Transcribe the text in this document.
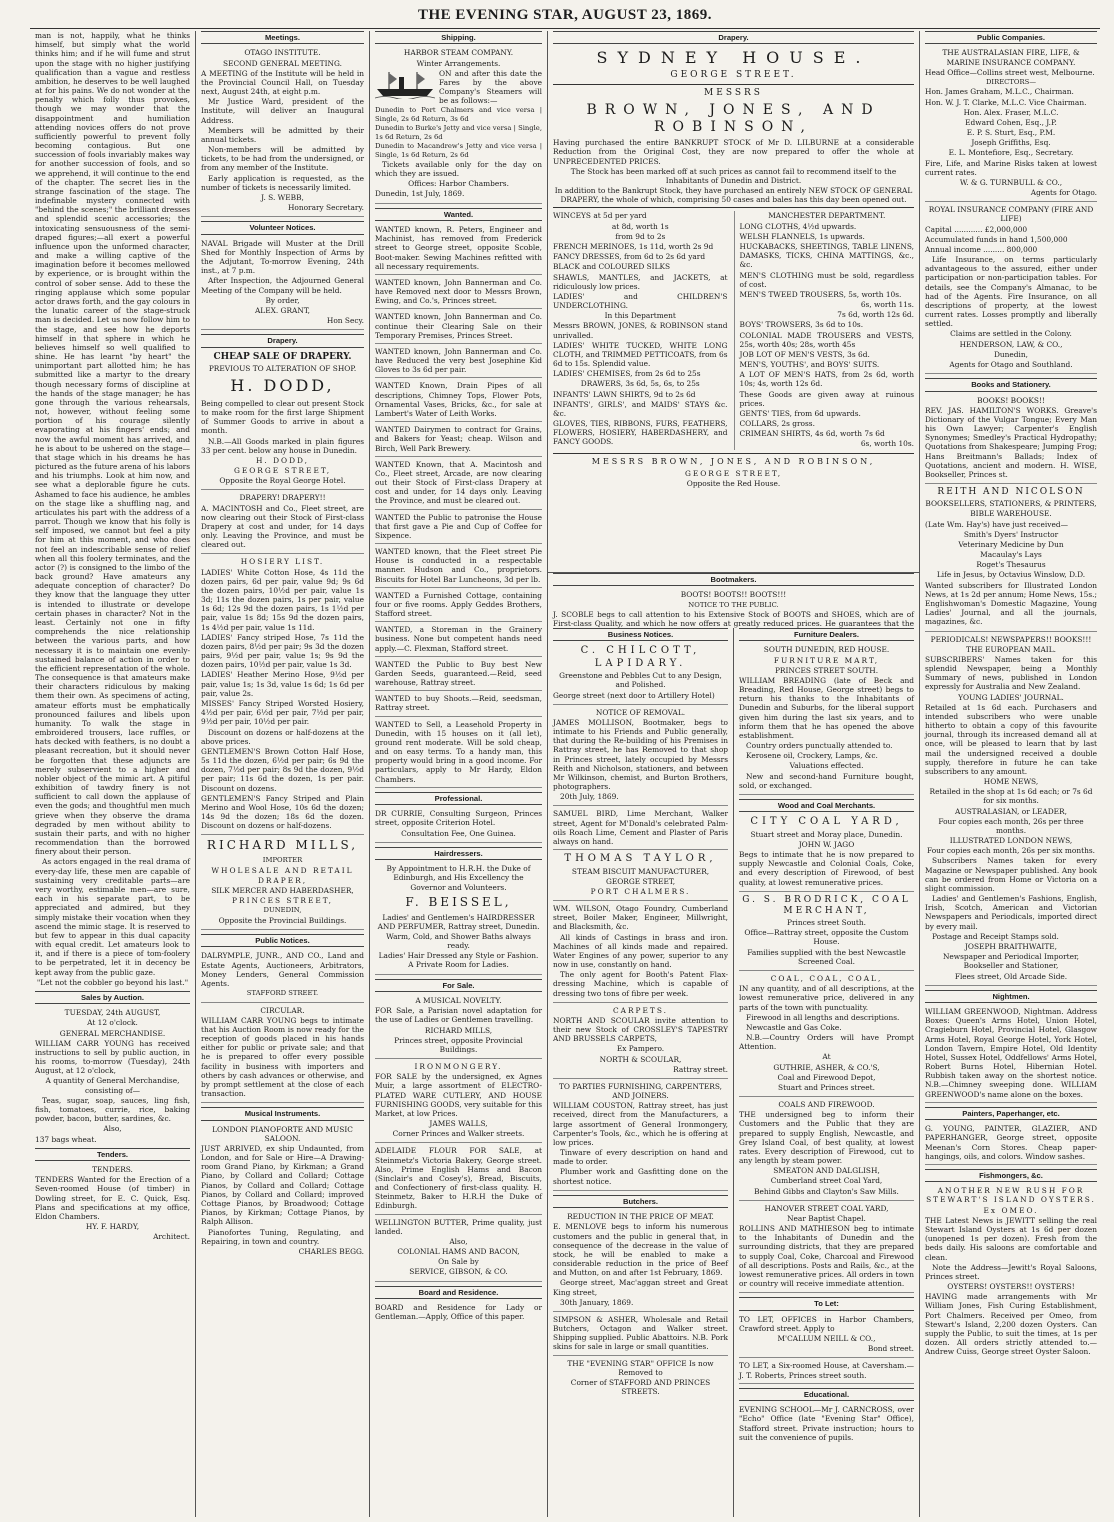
THE EVENING STAR, AUGUST 23, 1869.

man is not, happily, what he thinks himself, but simply what the world thinks him; and if he will fume and strut upon the stage with no higher justifying qualification than a vague and restless ambition, he deserves to be well laughed at for his pains. We do not wonder at the penalty which folly thus provokes, though we may wonder that the disappointment and humiliation attending novices offers do not prove sufficiently powerful to prevent folly becoming contagious. But one succession of fools invariably makes way for another succession of fools, and so we apprehend, it will continue to the end of the chapter. The secret lies in the strange fascination of the stage. The indefinable mystery connected with "behind the scenes;" the brilliant dresses and splendid scenic accessories; the intoxicating sensuousness of the semi-draped figures;—all exert a powerful influence upon the unformed character, and make a willing captive of the imagination before it becomes mellowed by experience, or is brought within the control of sober sense. Add to these the ringing applause which some popular actor draws forth, and the gay colours in the lunatic career of the stage-struck man is decided. Let us now follow him to the stage, and see how he deports himself in that sphere in which he believes himself so well qualified to shine. He has learnt "by heart" the unimportant part allotted him; he has submitted like a martyr to the dreary though necessary forms of discipline at the hands of the stage manager; he has gone through the various rehearsals, not, however, without feeling some portion of his courage silently evaporating at his fingers' ends; and now the awful moment has arrived, and he is about to be ushered on the stage—that stage which in his dreams he has pictured as the future arena of his labors and his triumphs. Look at him now, and see what a deplorable figure he cuts. Ashamed to face his audience, he ambles on the stage like a shuffling nag, and articulates his part with the address of a parrot. Though we know that his folly is self imposed, we cannot but feel a pity for him at this moment, and who does not feel an indescribable sense of relief when all this foolery terminates, and the actor (?) is consigned to the limbo of the back ground? Have amateurs any adequate conception of character? Do they know that the language they utter is intended to illustrate or develope certain phases in character? Not in the least. Certainly not one in fifty comprehends the nice relationship between the various parts, and how necessary it is to maintain one evenly-sustained balance of action in order to the efficient representation of the whole. The consequence is that amateurs make their characters ridiculous by making them their own. As specimens of acting, amateur efforts must be emphatically pronounced failures and libels upon humanity. To walk the stage in embroidered trousers, lace ruffles, or hats decked with feathers, is no doubt a pleasant recreation, but it should never be forgotten that these adjuncts are merely subservient to a higher and nobler object of the mimic art. A pitiful exhibition of tawdry finery is not sufficient to call down the applause of even the gods; and thoughtful men much grieve when they observe the drama degraded by men without ability to sustain their parts, and with no higher recommendation than the borrowed finery about their person.

As actors engaged in the real drama of every-day life, these men are capable of sustaining very creditable parts—are very worthy, estimable men—are sure, each in his separate part, to be appreciated and admired, but they simply mistake their vocation when they ascend the mimic stage. It is reserved to but few to appear in this dual capacity with equal credit. Let amateurs look to it, and if there is a piece of tom-foolery to be perpetrated, let it in decency be kept away from the public gaze.

"Let not the cobbler go beyond his last."

Sales by Auction.

TUESDAY, 24th AUGUST,

At 12 o'clock.

GENERAL MERCHANDISE.

WILLIAM CARR YOUNG has received instructions to sell by public auction, in his rooms, to-morrow (Tuesday), 24th August, at 12 o'clock,

A quantity of General Merchandise, consisting of—

Teas, sugar, soap, sauces, ling fish, fish, tomatoes, currie, rice, baking powder, bacon, butter, sardines, &c.

Also,

137 bags wheat.

Tenders.

TENDERS.

TENDERS Wanted for the Erection of a Seven-roomed House (of timber) in Dowling street, for E. C. Quick, Esq. Plans and specifications at my office, Eldon Chambers.

HY. F. HARDY,

Architect.

Meetings.

OTAGO INSTITUTE.

SECOND GENERAL MEETING.

A MEETING of the Institute will be held in the Provincial Council Hall, on Tuesday next, August 24th, at eight p.m.

Mr Justice Ward, president of the Institute, will deliver an Inaugural Address.

Members will be admitted by their annual tickets.

Non-members will be admitted by tickets, to be had from the undersigned, or from any member of the Institute.

Early application is requested, as the number of tickets is necessarily limited.

J. S. WEBB,

Honorary Secretary.

Volunteer Notices.

NAVAL Brigade will Muster at the Drill Shed for Monthly Inspection of Arms by the Adjutant, To-morrow Evening, 24th inst., at 7 p.m.

After Inspection, the Adjourned General Meeting of the Company will be held.

By order,

ALEX. GRANT,

Hon Secy.

Drapery.

CHEAP SALE OF DRAPERY.

PREVIOUS TO ALTERATION OF SHOP.

H. DODD,

Being compelled to clear out present Stock to make room for the first large Shipment of Summer Goods to arrive in about a month.

N.B.—All Goods marked in plain figures 33 per cent. below any house in Dunedin.

H. DODD,

GEORGE STREET,

Opposite the Royal George Hotel.

DRAPERY! DRAPERY!!

A. MACINTOSH and Co., Fleet street, are now clearing out their Stock of First-class Drapery at cost and under, for 14 days only. Leaving the Province, and must be cleared out.

HOSIERY LIST.

LADIES' White Cotton Hose, 4s 11d the dozen pairs, 6d per pair, value 9d; 9s 6d the dozen pairs, 10½d per pair, value 1s 3d; 11s the dozen pairs, 1s per pair, value 1s 6d; 12s 9d the dozen pairs, 1s 1½d per pair, value 1s 8d; 15s 9d the dozen pairs, 1s 4½d per pair, value 1s 11d.

LADIES' Fancy striped Hose, 7s 11d the dozen pairs, 8½d per pair; 9s 3d the dozen pairs, 9½d per pair, value 1s; 9s 9d the dozen pairs, 10½d per pair, value 1s 3d.

LADIES' Heather Merino Hose, 9½d per pair, value 1s; 1s 3d, value 1s 6d; 1s 6d per pair, value 2s.

MISSES' Fancy Striped Worsted Hosiery, 4½d per pair, 6½d per pair, 7½d per pair, 9½d per pair, 10½d per pair.

Discount on dozens or half-dozens at the above prices.

GENTLEMEN'S Brown Cotton Half Hose, 5s 11d the dozen, 6½d per pair; 6s 9d the dozen, 7½d per pair; 8s 9d the dozen, 9½d per pair; 11s 6d the dozen, 1s per pair. Discount on dozens.

GENTLEMEN'S Fancy Striped and Plain Merino and Wool Hose, 10s 6d the dozen; 14s 9d the dozen; 18s 6d the dozen. Discount on dozens or half-dozens.

RICHARD MILLS,

IMPORTER

WHOLESALE AND RETAIL

DRAPER,

SILK MERCER AND HABERDASHER,

PRINCES STREET,

DUNEDIN,

Opposite the Provincial Buildings.

Public Notices.

DALRYMPLE, JUNR., AND CO., Land and Estate Agents, Auctioneers, Arbitrators, Money Lenders, General Commission Agents.

STAFFORD STREET.

CIRCULAR.

WILLIAM CARR YOUNG begs to intimate that his Auction Room is now ready for the reception of goods placed in his hands either for public or private sale; and that he is prepared to offer every possible facility in business with importers and others by cash advances or otherwise, and by prompt settlement at the close of each transaction.

Musical Instruments.

LONDON PIANOFORTE AND MUSIC SALOON.

JUST ARRIVED, ex ship Undaunted, from London, and for Sale or Hire—A Drawing-room Grand Piano, by Kirkman; a Grand Piano, by Collard and Collard; Cottage Pianos, by Collard and Collard; Cottage Pianos, by Collard and Collard; improved Cottage Pianos, by Broadwood; Cottage Pianos, by Kirkman; Cottage Pianos, by Ralph Allison.

Pianofortes Tuning, Regulating, and Repairing, in town and country.

CHARLES BEGG.

Shipping.

HARBOR STEAM COMPANY.

Winter Arrangements.

ON and after this date the Fares by the above Company's Steamers will be as follows:—

Dunedin to Port Chalmers and vice versa | Single, 2s 6d Return, 3s 6d

Dunedin to Burke's Jetty and vice versa | Single, 1s 6d Return, 2s 6d

Dunedin to Macandrew's Jetty and vice versa | Single, 1s 6d Return, 2s 6d

Tickets available only for the day on which they are issued.

Offices: Harbor Chambers.

Dunedin, 1st July, 1869.

Wanted.

WANTED known, R. Peters, Engineer and Machinist, has removed from Frederick street to George street, opposite Scoble, Boot-maker. Sewing Machines refitted with all necessary requirements.

WANTED known, John Bannerman and Co. have Removed next door to Messrs Brown, Ewing, and Co.'s, Princes street.

WANTED known, John Bannerman and Co. continue their Clearing Sale on their Temporary Premises, Princes Street.

WANTED known, John Bannerman and Co. have Reduced the very best Josephine Kid Gloves to 3s 6d per pair.

WANTED Known, Drain Pipes of all descriptions, Chimney Tops, Flower Pots, Ornamental Vases, Bricks, &c., for sale at Lambert's Water of Leith Works.

WANTED Dairymen to contract for Grains, and Bakers for Yeast; cheap. Wilson and Birch, Well Park Brewery.

WANTED Known, that A. Macintosh and Co., Fleet street, Arcade, are now clearing out their Stock of First-class Drapery at cost and under, for 14 days only. Leaving the Province, and must be cleared out.

WANTED the Public to patronise the House that first gave a Pie and Cup of Coffee for Sixpence.

WANTED known, that the Fleet street Pie House is conducted in a respectable manner. Hudson and Co., proprietors. Biscuits for Hotel Bar Luncheons, 3d per lb.

WANTED a Furnished Cottage, containing four or five rooms. Apply Geddes Brothers, Stafford street.

WANTED, a Storeman in the Grainery business. None but competent hands need apply.—C. Flexman, Stafford street.

WANTED the Public to Buy best New Garden Seeds, guaranteed.—Reid, seed warehouse, Rattray street.

WANTED to buy Shoots.—Reid, seedsman, Rattray street.

WANTED to Sell, a Leasehold Property in Dunedin, with 15 houses on it (all let), ground rent moderate. Will be sold cheap, and on easy terms. To a handy man, this property would bring in a good income. For particulars, apply to Mr Hardy, Eldon Chambers.

Professional.

DR CURRIE, Consulting Surgeon, Princes street, opposite Criterion Hotel.

Consultation Fee, One Guinea.

Hairdressers.

By Appointment to H.R.H. the Duke of Edinburgh, and His Excellency the Governor and Volunteers.

F. BEISSEL,

Ladies' and Gentlemen's HAIRDRESSER AND PERFUMER, Rattray street, Dunedin.

Warm, Cold, and Shower Baths always ready.

Ladies' Hair Dressed any Style or Fashion. A Private Room for Ladies.

For Sale.

A MUSICAL NOVELTY.

FOR Sale, a Parisian novel adaptation for the use of Ladies or Gentlemen travelling.

RICHARD MILLS,

Princes street, opposite Provincial Buildings.

IRONMONGERY.

FOR SALE by the undersigned, ex Agnes Muir, a large assortment of ELECTRO-PLATED WARE CUTLERY, AND HOUSE FURNISHING GOODS, very suitable for this Market, at low Prices.

JAMES WALLS,

Corner Princes and Walker streets.

ADELAIDE FLOUR FOR SALE, at Steinmetz's Victoria Bakery, George street. Also, Prime English Hams and Bacon (Sinclair's and Cosey's), Bread, Biscuits, and Confectionery of first-class quality. H. Steinmetz, Baker to H.R.H the Duke of Edinburgh.

WELLINGTON BUTTER, Prime quality, just landed.

Also,

COLONIAL HAMS AND BACON,

On Sale by

SERVICE, GIBSON, & CO.

Board and Residence.

BOARD and Residence for Lady or Gentleman.—Apply, Office of this paper.

Drapery.

SYDNEY HOUSE.

GEORGE STREET.

MESSRS

BROWN, JONES, AND ROBINSON,

Having purchased the entire BANKRUPT STOCK of Mr D. LILBURNE at a considerable Reduction from the Original Cost, they are now prepared to offer the whole at UNPRECEDENTED PRICES.

The Stock has been marked off at such prices as cannot fail to recommend itself to the Inhabitants of Dunedin and District.

In addition to the Bankrupt Stock, they have purchased an entirely NEW STOCK OF GENERAL DRAPERY, the whole of which, comprising 50 cases and bales has this day been opened out.

WINCEYS at 5d per yard

at 8d, worth 1s

from 9d to 2s

FRENCH MERINOES, 1s 11d, worth 2s 9d

FANCY DRESSES, from 6d to 2s 6d yard

BLACK and COLOURED SILKS

SHAWLS, MANTLES, and JACKETS, at ridiculously low prices.

LADIES' and CHILDREN'S UNDERCLOTHING.

In this Department

Messrs BROWN, JONES, & ROBINSON stand unrivalled.

LADIES' WHITE TUCKED, WHITE LONG CLOTH, and TRIMMED PETTICOATS, from 6s 6d to 15s. Splendid value.

LADIES' CHEMISES, from 2s 6d to 25s

DRAWERS, 3s 6d, 5s, 6s, to 25s

INFANTS' LAWN SHIRTS, 9d to 2s 6d

INFANTS', GIRLS', and MAIDS' STAYS &c. &c.

GLOVES, TIES, RIBBONS, FURS, FEATHERS, FLOWERS, HOSIERY, HABERDASHERY, and FANCY GOODS.

MANCHESTER DEPARTMENT.

LONG CLOTHS, 4½d upwards.

WELSH FLANNELS, 1s upwards.

HUCKABACKS, SHEETINGS, TABLE LINENS, DAMASKS, TICKS, CHINA MATTINGS, &c., &c.

MEN'S CLOTHING must be sold, regardless of cost.

MEN'S TWEED TROUSERS, 5s, worth 10s.

6s, worth 11s.

7s 6d, worth 12s 6d.

BOYS' TROWSERS, 3s 6d to 10s.

COLONIAL MADE TROUSERS and VESTS, 25s, worth 40s; 28s, worth 45s

JOB LOT OF MEN'S VESTS, 3s 6d.

MEN'S, YOUTHS', and BOYS' SUITS.

A LOT OF MEN'S HATS, from 2s 6d, worth 10s; 4s, worth 12s 6d.

These Goods are given away at ruinous prices.

GENTS' TIES, from 6d upwards.

COLLARS, 2s gross.

CRIMEAN SHIRTS, 4s 6d, worth 7s 6d

6s, worth 10s.

MESSRS BROWN, JONES, AND ROBINSON,

GEORGE STREET,

Opposite the Red House.

Bootmakers.

BOOTS! BOOTS!! BOOTS!!!

NOTICE TO THE PUBLIC.

J. SCOBLE begs to call attention to his Extensive Stock of BOOTS and SHOES, which are of First-class Quality, and which he now offers at greatly reduced prices. He guarantees that the

Business Notices.

C. CHILCOTT, LAPIDARY.

Greenstone and Pebbles Cut to any Design, and Polished.

George street (next door to Artillery Hotel)

NOTICE OF REMOVAL.

JAMES MOLLISON, Bootmaker, begs to intimate to his Friends and Public generally, that during the Re-building of his Premises in Rattray street, he has Removed to that shop in Princes street, lately occupied by Messrs Reith and Nicholson, stationers, and between Mr Wilkinson, chemist, and Burton Brothers, photographers.

20th July, 1869.

SAMUEL BIRD, Lime Merchant, Walker street, Agent for M'Donald's celebrated Palm-oils Roach Lime, Cement and Plaster of Paris always on hand.

THOMAS TAYLOR,

STEAM BISCUIT MANUFACTURER,

GEORGE STREET,

PORT CHALMERS.

WM. WILSON, Otago Foundry, Cumberland street, Boiler Maker, Engineer, Millwright, and Blacksmith, &c.

All kinds of Castings in brass and iron. Machines of all kinds made and repaired. Water Engines of any power, superior to any now in use, constantly on hand.

The only agent for Booth's Patent Flax-dressing Machine, which is capable of dressing two tons of fibre per week.

CARPETS.

NORTH AND SCOULAR invite attention to their new Stock of CROSSLEY'S TAPESTRY AND BRUSSELS CARPETS,

Ex Pampero.

NORTH & SCOULAR,

Rattray street.

TO PARTIES FURNISHING, CARPENTERS, AND JOINERS.

WILLIAM COUSTON, Rattray street, has just received, direct from the Manufacturers, a large assortment of General Ironmongery, Carpenter's Tools, &c., which he is offering at low prices.

Tinware of every description on hand and made to order.

Plumber work and Gasfitting done on the shortest notice.

Butchers.

REDUCTION IN THE PRICE OF MEAT.

E. MENLOVE begs to inform his numerous customers and the public in general that, in consequence of the decrease in the value of stock, he will be enabled to make a considerable reduction in the price of Beef and Mutton, on and after 1st February, 1869.

George street, Mac'aggan street and Great King street,

30th January, 1869.

SIMPSON & ASHER, Wholesale and Retail Butchers, Octagon and Walker street. Shipping supplied. Public Abattoirs. N.B. Pork skins for sale in large or small quantities.

THE "EVENING STAR" OFFICE Is now Removed to

Corner of STAFFORD AND PRINCES STREETS.

Furniture Dealers.

SOUTH DUNEDIN, RED HOUSE.

FURNITURE MART,

PRINCES STREET SOUTH.

WILLIAM BREADING (late of Beck and Breading, Red House, George street) begs to return his thanks to the Inhabitants of Dunedin and Suburbs, for the liberal support given him during the last six years, and to inform them that he has opened the above establishment.

Country orders punctually attended to.

Kerosene oil, Crockery, Lamps, &c.

Valuations effected.

New and second-hand Furniture bought, sold, or exchanged.

Wood and Coal Merchants.

CITY COAL YARD,

Stuart street and Moray place, Dunedin.

JOHN W. JAGO

Begs to intimate that he is now prepared to supply Newcastle and Colonial Coals, Coke, and every description of Firewood, of best quality, at lowest remunerative prices.

G. S. BRODRICK, COAL MERCHANT,

Princes street South.

Office—Rattray street, opposite the Custom House.

Families supplied with the best Newcastle Screened Coal.

COAL, COAL, COAL,

IN any quantity, and of all descriptions, at the lowest remunerative price, delivered in any parts of the town with punctuality.

Firewood in all lengths and descriptions.

Newcastle and Gas Coke.

N.B.—Country Orders will have Prompt Attention.

At

GUTHRIE, ASHER, & CO.'S,

Coal and Firewood Depot,

Stuart and Princes street.

COALS AND FIREWOOD.

THE undersigned beg to inform their Customers and the Public that they are prepared to supply English, Newcastle, and Grey Island Coal, of best quality, at lowest rates. Every description of Firewood, cut to any length by steam power.

SMEATON AND DALGLISH,

Cumberland street Coal Yard,

Behind Gibbs and Clayton's Saw Mills.

HANOVER STREET COAL YARD,

Near Baptist Chapel.

ROLLINS AND MATHIESON beg to intimate to the Inhabitants of Dunedin and the surrounding districts, that they are prepared to supply Coal, Coke, Charcoal and Firewood of all descriptions. Posts and Rails, &c., at the lowest remunerative prices. All orders in town or country will receive immediate attention.

To Let:

TO LET, OFFICES in Harbor Chambers, Crawford street. Apply to

M'CALLUM NEILL & CO.,

Bond street.

TO LET, a Six-roomed House, at Caversham.—J. T. Roberts, Princes street south.

Educational.

EVENING SCHOOL—Mr J. CARNCROSS, over "Echo" Office (late "Evening Star" Office), Stafford street. Private instruction; hours to suit the convenience of pupils.

Public Companies.

THE AUSTRALASIAN FIRE, LIFE, & MARINE INSURANCE COMPANY.

Head Office—Collins street west, Melbourne.

DIRECTORS—

Hon. James Graham, M.L.C., Chairman.

Hon. W. J. T. Clarke, M.L.C. Vice Chairman.

Hon. Alex. Fraser, M.L.C.

Edward Cohen, Esq., J.P.

E. P. S. Sturt, Esq., P.M.

Joseph Griffiths, Esq.

E. L. Montefiore, Esq., Secretary.

Fire, Life, and Marine Risks taken at lowest current rates.

W. & G. TURNBULL & CO.,

Agents for Otago.

ROYAL INSURANCE COMPANY (FIRE AND LIFE)

Capital ............ £2,000,000

Accumulated funds in hand 1,500,000

Annual income ......... 800,000

Life Insurance, on terms particularly advantageous to the assured, either under participation or non-participation tables. For details, see the Company's Almanac, to be had of the Agents. Fire Insurance, on all descriptions of property, at the lowest current rates. Losses promptly and liberally settled.

Claims are settled in the Colony.

HENDERSON, LAW, & CO.,

Dunedin,

Agents for Otago and Southland.

Books and Stationery.

BOOKS! BOOKS!!

REV. JAS. HAMILTON'S WORKS. Greave's Dictionary of the Vulgar Tongue; Every Man his Own Lawyer; Carpenter's English Synonymes; Smedley's Practical Hydropathy; Quotations from Shakespeare; Jumping Frog; Hans Breitmann's Ballads; Index of Quotations, ancient and modern. H. WISE, Bookseller, Princes st.

REITH AND NICOLSON

BOOKSELLERS, STATIONERS, & PRINTERS,

BIBLE WAREHOUSE.

(Late Wm. Hay's) have just received—

Smith's Dyers' Instructor

Veterinary Medicine by Dun

Macaulay's Lays

Roget's Thesaurus

Life in Jesus, by Octavius Winslow, D.D.

Wanted subscribers for Illustrated London News, at 1s 2d per annum; Home News, 15s.; Englishwoman's Domestic Magazine, Young Ladies' Journal, and all the journals, magazines, &c.

PERIODICALS! NEWSPAPERS!! BOOKS!!!

THE EUROPEAN MAIL.

SUBSCRIBERS' Names taken for this splendid Newspaper, being a Monthly Summary of news, published in London expressly for Australia and New Zealand.

YOUNG LADIES' JOURNAL.

Retailed at 1s 6d each. Purchasers and intended subscribers who were unable hitherto to obtain a copy of this favourite journal, through its increased demand all at once, will be pleased to learn that by last mail the undersigned received a double supply, therefore in future he can take subscribers to any amount.

HOME NEWS,

Retailed in the shop at 1s 6d each; or 7s 6d for six months.

AUSTRALASIAN, or LEADER,

Four copies each month, 26s per three months.

ILLUSTRATED LONDON NEWS,

Four copies each month, 26s per six months.

Subscribers Names taken for every Magazine or Newspaper published. Any book can be ordered from Home or Victoria on a slight commission.

Ladies' and Gentlemen's Fashions, English, Irish, Scotch, American and Victorian Newspapers and Periodicals, imported direct by every mail.

Postage and Receipt Stamps sold.

JOSEPH BRAITHWAITE,

Newspaper and Periodical Importer, Bookseller and Stationer,

Flees street, Old Arcade Side.

Nightmen.

WILLIAM GREENWOOD, Nightman. Address Boxes: Queen's Arms Hotel, Union Hotel, Cragieburn Hotel, Provincial Hotel, Glasgow Arms Hotel, Royal George Hotel, York Hotel, London Tavern, Empire Hotel, Old Identity Hotel, Sussex Hotel, Oddfellows' Arms Hotel, Robert Burns Hotel, Hibernian Hotel. Rubbish taken away on the shortest notice. N.B.—Chimney sweeping done. WILLIAM GREENWOOD's name alone on the boxes.

Painters, Paperhanger, etc.

G. YOUNG, PAINTER, GLAZIER, AND PAPERHANGER, George street, opposite Meenan's Corn Stores. Cheap paper-hangings, oils, and colors. Window sashes.

Fishmongers, &c.

ANOTHER NEW RUSH FOR STEWART'S ISLAND OYSTERS.

Ex OMEO.

THE Latest News is JEWITT selling the real Stewart Island Oysters at 1s 6d per dozen (unopened 1s per dozen). Fresh from the beds daily. His saloons are comfortable and clean.

Note the Address—Jewitt's Royal Saloons, Princes street.

OYSTERS! OYSTERS!! OYSTERS!

HAVING made arrangements with Mr William Jones, Fish Curing Establishment, Port Chalmers. Received per Omeo, from Stewart's Island, 2,200 dozen Oysters. Can supply the Public, to suit the times, at 1s per dozen. All orders strictly attended to.—Andrew Cuiss, George street Oyster Saloon.
